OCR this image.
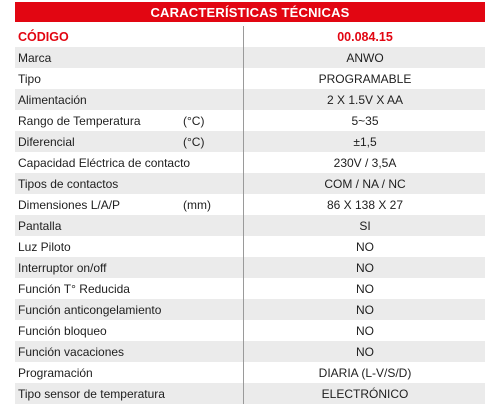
CARACTERÍSTICAS TÉCNICAS
CÓDIGO	00.084.15
Marca	ANWO
Tipo	PROGRAMABLE
Alimentación	2 X 1.5V X AA
Rango de Temperatura	(°C)	5~35
Diferencial	(°C)	±1,5
Capacidad Eléctrica de contacto	230V / 3,5A
Tipos de contactos	COM / NA / NC
Dimensiones L/A/P	(mm)	86 X 138 X 27
Pantalla	SI
Luz Piloto	NO
Interruptor on/off	NO
Función T° Reducida	NO
Función anticongelamiento	NO
Función bloqueo	NO
Función vacaciones	NO
Programación	DIARIA (L-V/S/D)
Tipo sensor de temperatura	ELECTRÓNICO
